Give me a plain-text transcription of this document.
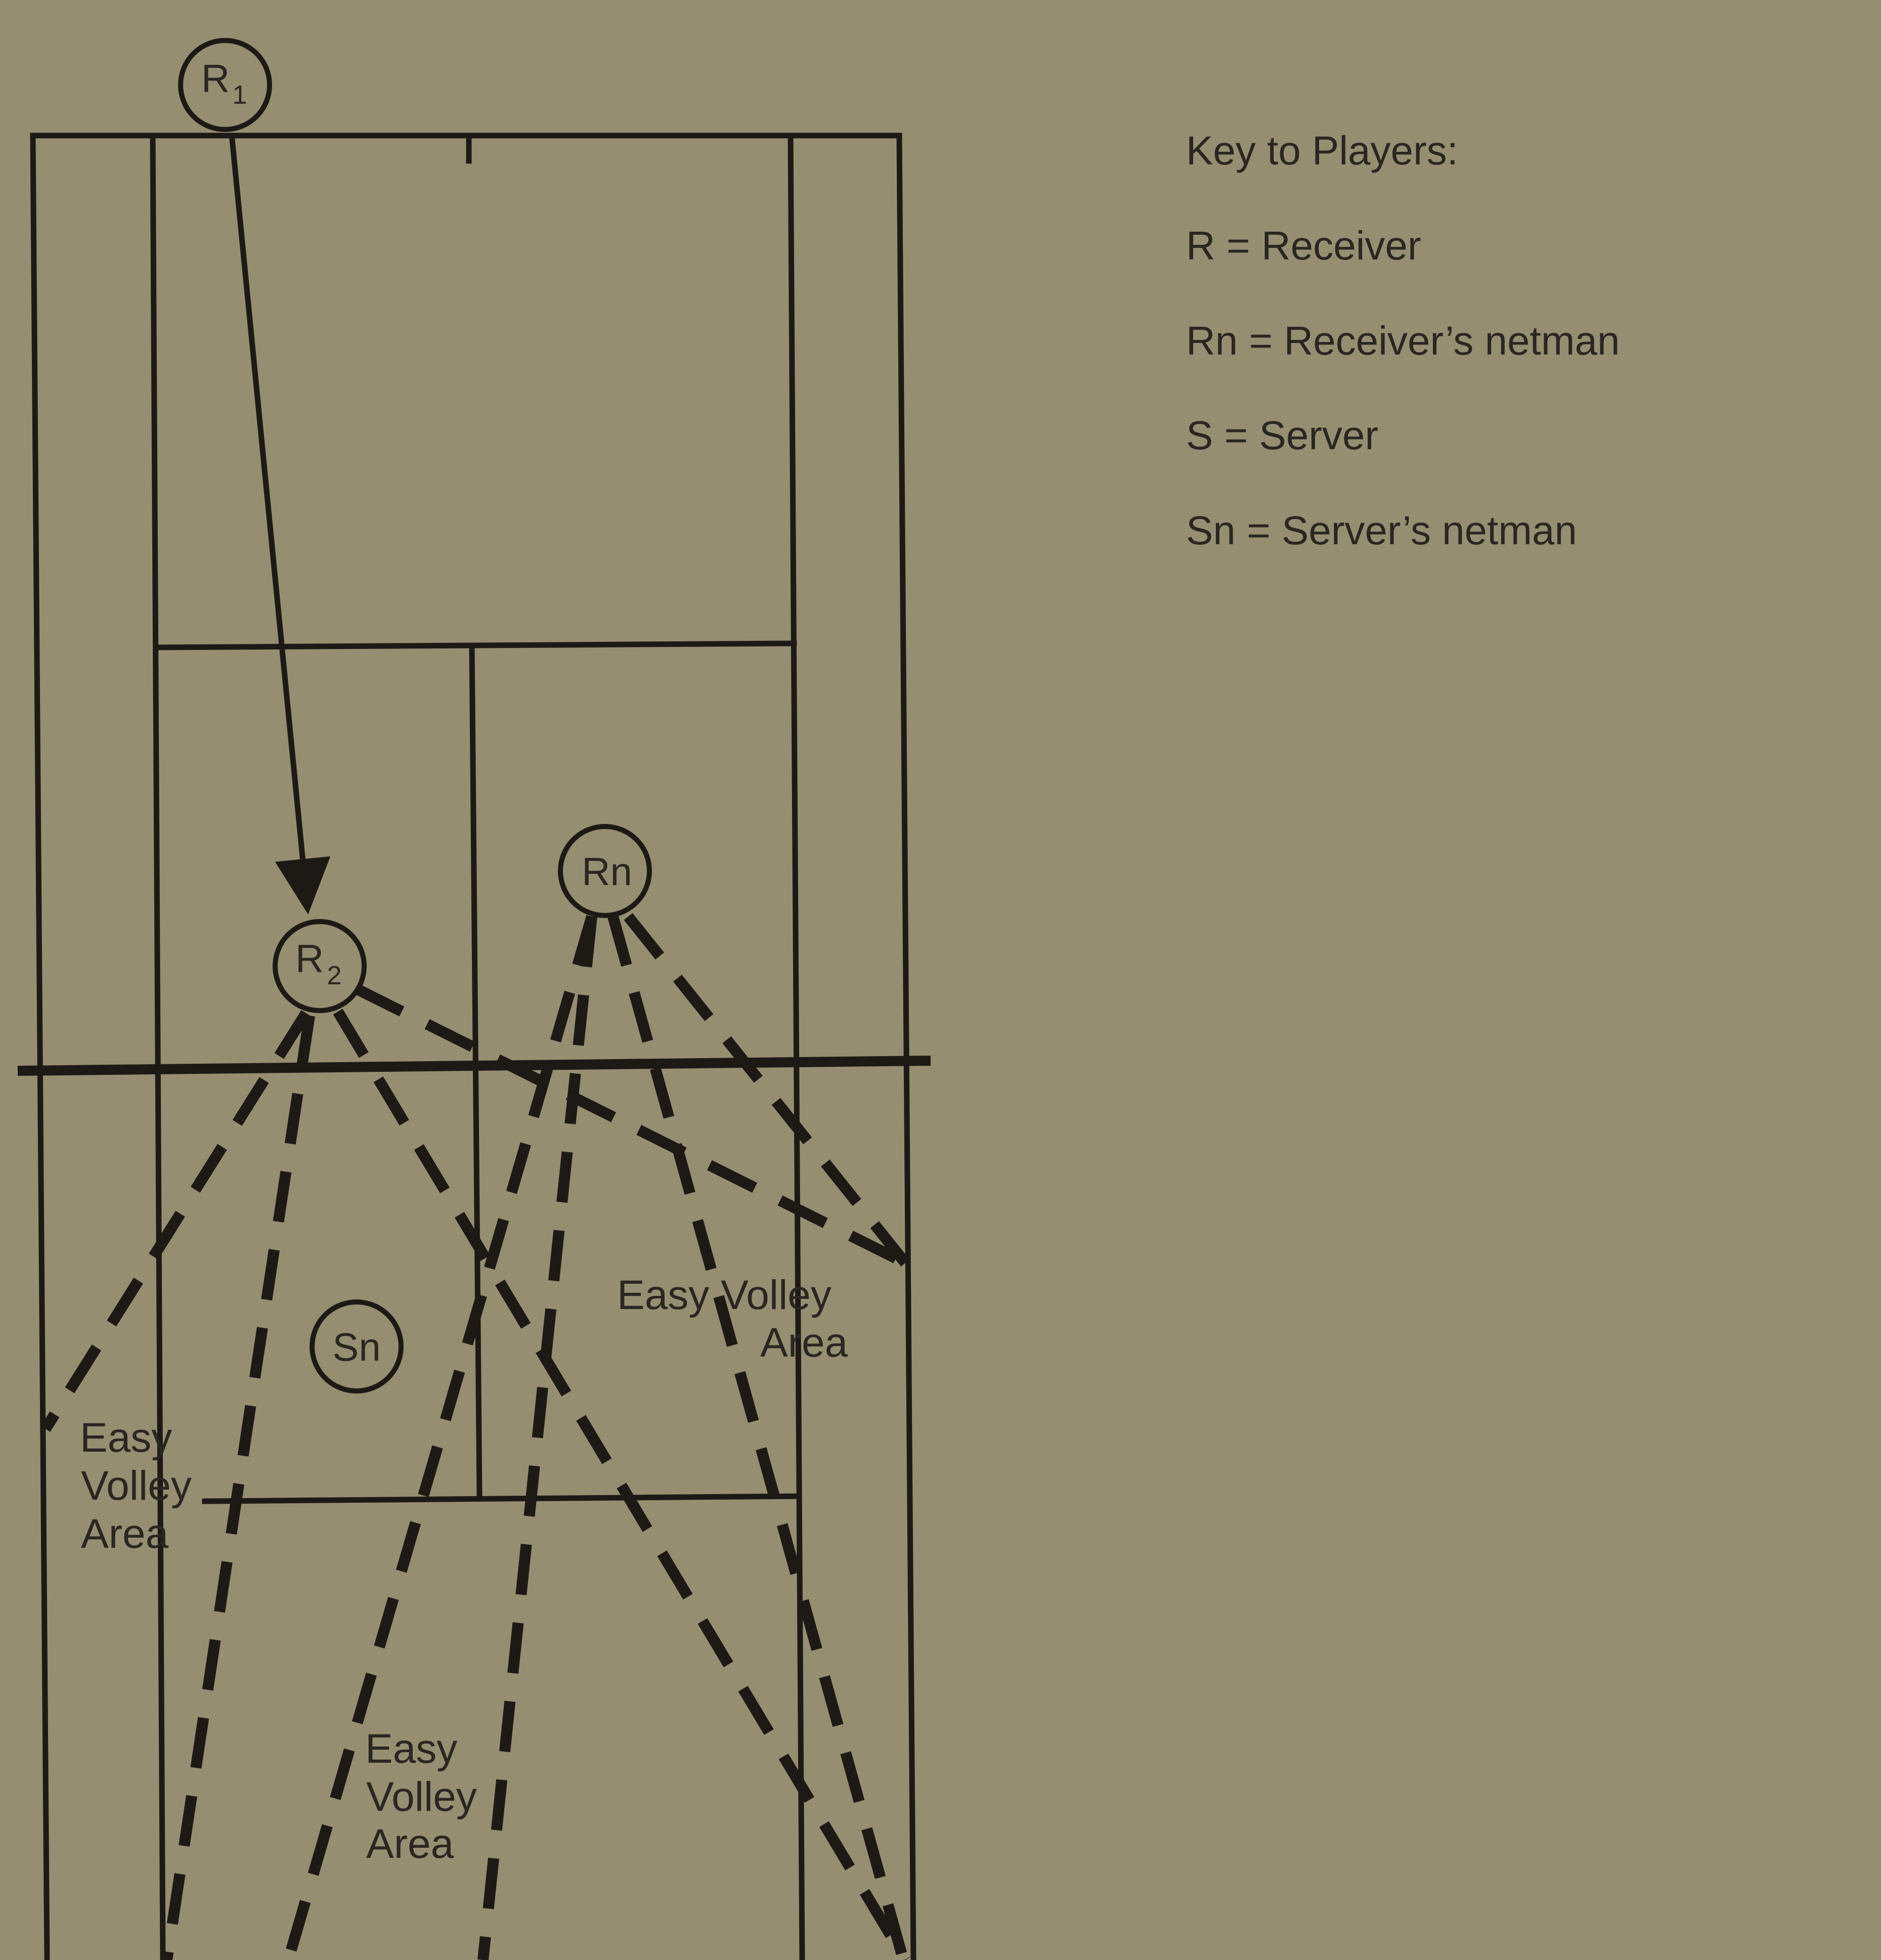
R 1
R 2
Rn
Sn
Easy
Volley
Area
Easy
Volley
Area
Easy Volley
Area
Key to Players:
R = Receiver
Rn = Receiver’s netman
S = Server
Sn = Server’s netman
